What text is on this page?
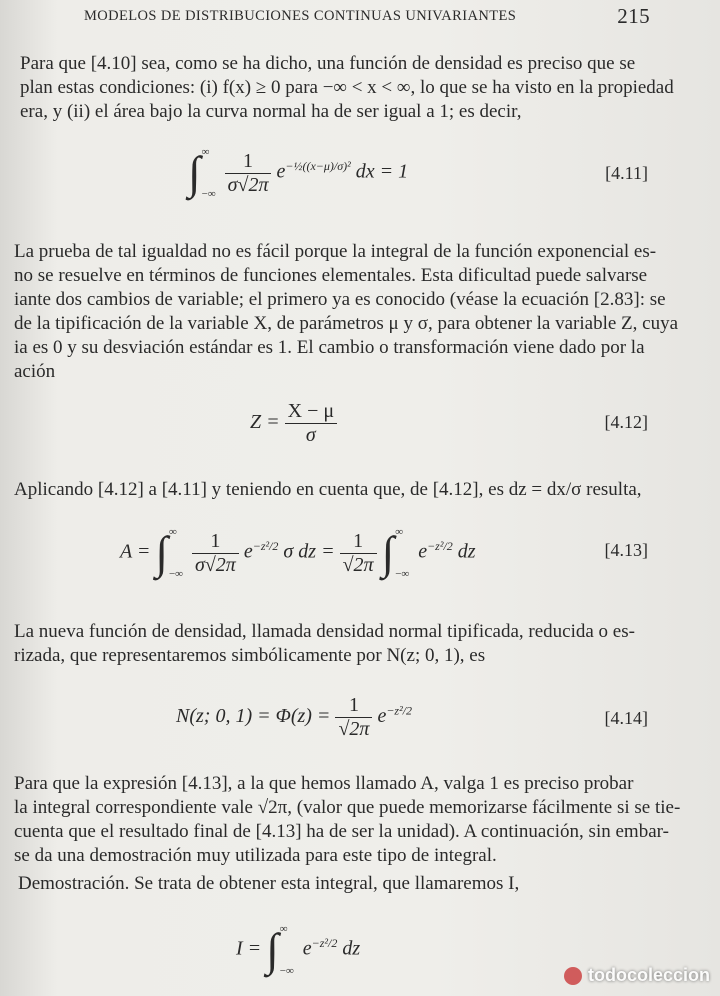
MODELOS DE DISTRIBUCIONES CONTINUAS UNIVARIANTES	215
Para que [4.10] sea, como se ha dicho, una función de densidad es preciso que se
plan estas condiciones: (i) f(x) ≥ 0 para −∞ < x < ∞, lo que se ha visto en la propiedad
era, y (ii) el área bajo la curva normal ha de ser igual a 1; es decir,
∫ ∞
−∞
$\frac{1}{\sigma√2\pi} e^{-\frac{1}{2}((x-\mu)/\sigma)^2}$ dx = 1	[4.11]
La prueba de tal igualdad no es fácil porque la integral de la función exponencial es-
no se resuelve en términos de funciones elementales. Esta dificultad puede salvarse
iante dos cambios de variable; el primero ya es conocido (véase la ecuación [2.83]: se
de la tipificación de la variable X, de parámetros μ y σ, para obtener la variable Z, cuya
ia es 0 y su desviación estándar es 1. El cambio o transformación viene dado por la
ación
$Z = \frac{X - \mu}{\sigma}$	[4.12]
Aplicando [4.12] a [4.11] y teniendo en cuenta que, de [4.12], es dz = dx/σ resulta,
A = ∫ ∞
−∞
$\frac{1}{\sigma√2\pi} e^{-z^2/2}$ σ dz = $\frac{1}{√2\pi}$ ∫ ∞
−∞
$e^{-z^2/2}$ dz	[4.13]
La nueva función de densidad, llamada densidad normal tipificada, reducida o es-
rizada, que representaremos simbólicamente por N(z; 0, 1), es
N(z; 0, $1) = \Phi(z) = \frac{1}{√2\pi} e^{-z^2/2}$	[4.14]
Para que la expresión [4.13], a la que hemos llamado A, valga 1 es preciso probar
la integral correspondiente vale √2π, (valor que puede memorizarse fácilmente si se tie-
cuenta que el resultado final de [4.13] ha de ser la unidad). A continuación, sin embar-
se da una demostración muy utilizada para este tipo de integral.
Demostración. Se trata de obtener esta integral, que llamaremos I,
I = ∫ ∞
−∞
$e^{-z^2/2}$ dz
todocoleccion
